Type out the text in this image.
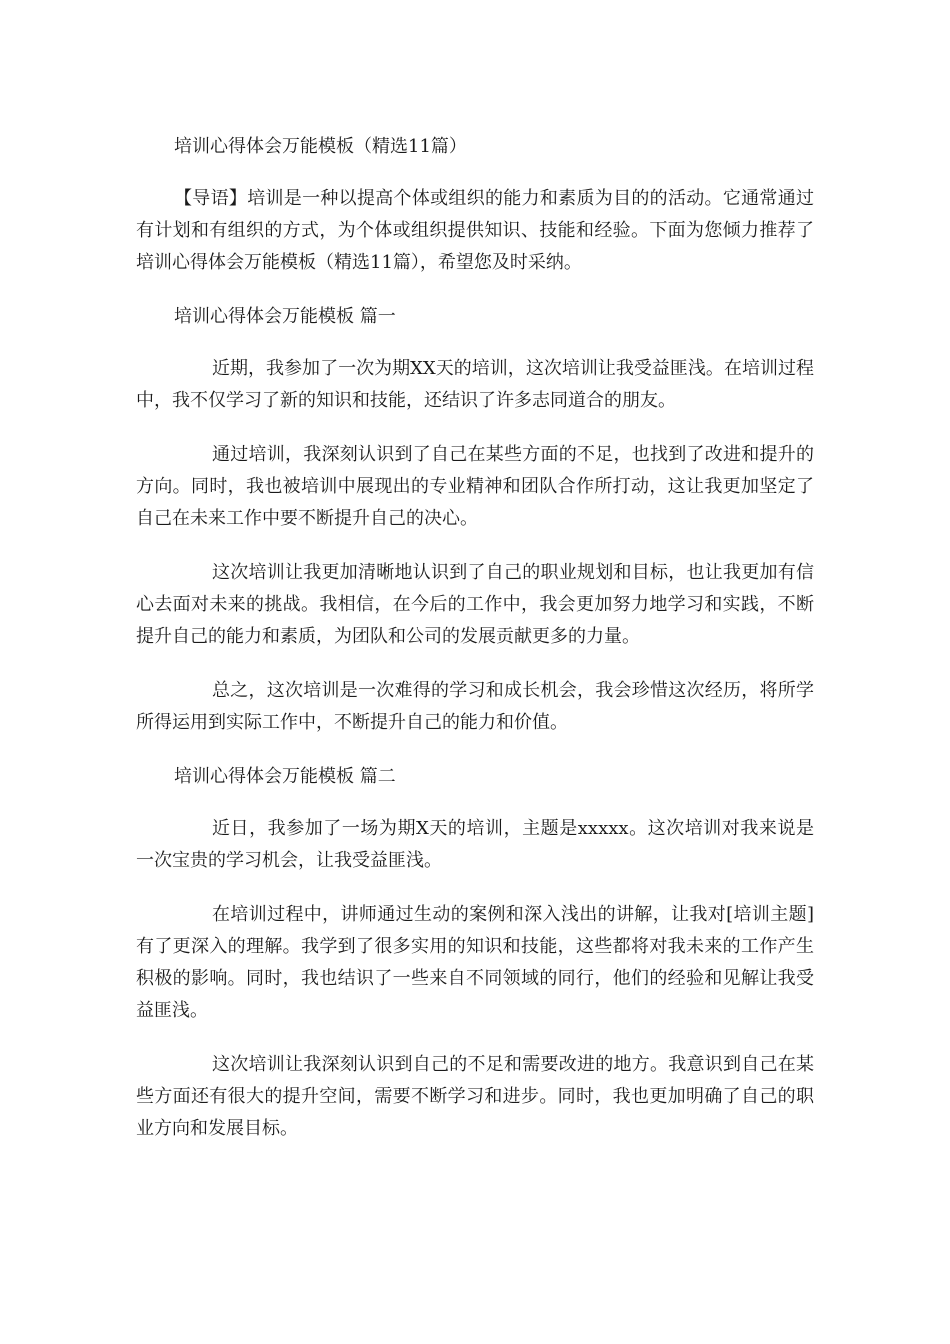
培训心得体会万能模板（精选11篇）

【导语】培训是一种以提高个体或组织的能力和素质为目的的活动。它通常通过有计划和有组织的方式，为个体或组织提供知识、技能和经验。下面为您倾力推荐了培训心得体会万能模板（精选11篇），希望您及时采纳。

培训心得体会万能模板 篇一

近期，我参加了一次为期XX天的培训，这次培训让我受益匪浅。在培训过程中，我不仅学习了新的知识和技能，还结识了许多志同道合的朋友。

通过培训，我深刻认识到了自己在某些方面的不足，也找到了改进和提升的方向。同时，我也被培训中展现出的专业精神和团队合作所打动，这让我更加坚定了自己在未来工作中要不断提升自己的决心。

这次培训让我更加清晰地认识到了自己的职业规划和目标，也让我更加有信心去面对未来的挑战。我相信，在今后的工作中，我会更加努力地学习和实践，不断提升自己的能力和素质，为团队和公司的发展贡献更多的力量。

总之，这次培训是一次难得的学习和成长机会，我会珍惜这次经历，将所学所得运用到实际工作中，不断提升自己的能力和价值。

培训心得体会万能模板 篇二

近日，我参加了一场为期X天的培训，主题是xxxxx。这次培训对我来说是一次宝贵的学习机会，让我受益匪浅。

在培训过程中，讲师通过生动的案例和深入浅出的讲解，让我对[培训主题]有了更深入的理解。我学到了很多实用的知识和技能，这些都将对我未来的工作产生积极的影响。同时，我也结识了一些来自不同领域的同行，他们的经验和见解让我受益匪浅。

这次培训让我深刻认识到自己的不足和需要改进的地方。我意识到自己在某些方面还有很大的提升空间，需要不断学习和进步。同时，我也更加明确了自己的职业方向和发展目标。
